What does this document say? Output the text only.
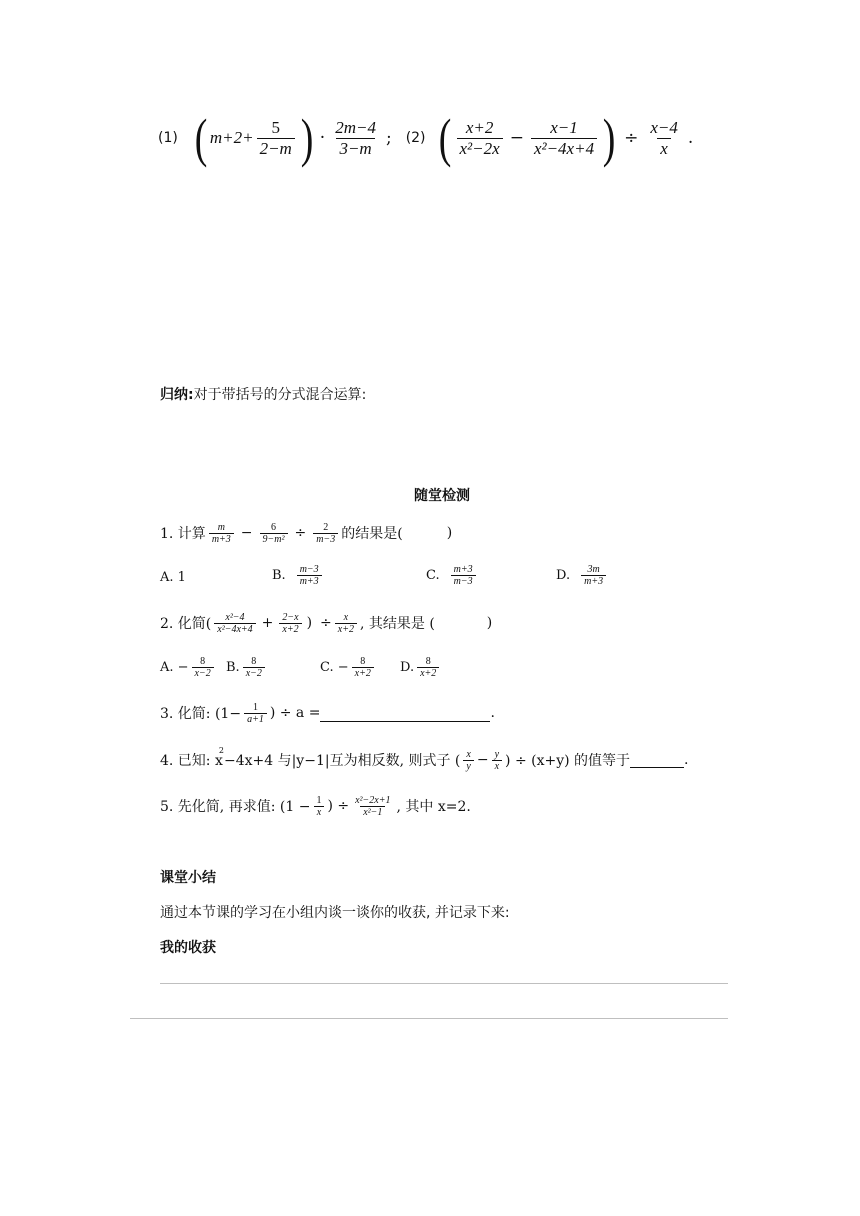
(1) ( $m+2+ \frac{5}{2-m}$ ) · $\frac{2m-4}{3-m}$ ; (2) ( $\frac{x+2}{\text{x²−2x}} - \frac{x-1}{\text{x²−4x+4}}$ ) ÷ $\frac{x-4}{x}$ .
归纳:对于带括号的分式混合运算:
随堂检测
1. 计算 $\frac{m}{m+3} - \frac{6}{\text{9−m²}} \div \frac{2}{m-3}$ 的结果是(	)
A. 1	B. $\frac{m-3}{m+3}$	C. $\frac{m+3}{m-3}$	D. $\frac{3m}{m+3}$
2. 化简( $\frac{\text{x²−4}}{\text{x²−4x+4}} + \frac{2-x}{x+2}$ ) ÷ $\frac{x}{x+2}$ , 其结果是 (	)
A. − $\frac{8}{x-2} B$. $\frac{8}{x-2}$	C. − $\frac{8}{x+2} D$. $\frac{8}{x+2}$
3. 化简: ($1- \frac{1}{a+1}$ ) ÷ a =	.
4. 已知: x
$^2$
−4x+4 与|y−1|互为相反数, 则式子 ( $\frac{x}{y} - \frac{y}{x}$ ) ÷ (x+y) 的值等于	.
5. 先化简, 再求值: ($1 - \frac{1}{x}$ ) ÷ $\frac{\text{x²−2x+1}}{\text{x²−1}}$ , 其中 x=2.
课堂小结
通过本节课的学习在小组内谈一谈你的收获, 并记录下来:
我的收获
